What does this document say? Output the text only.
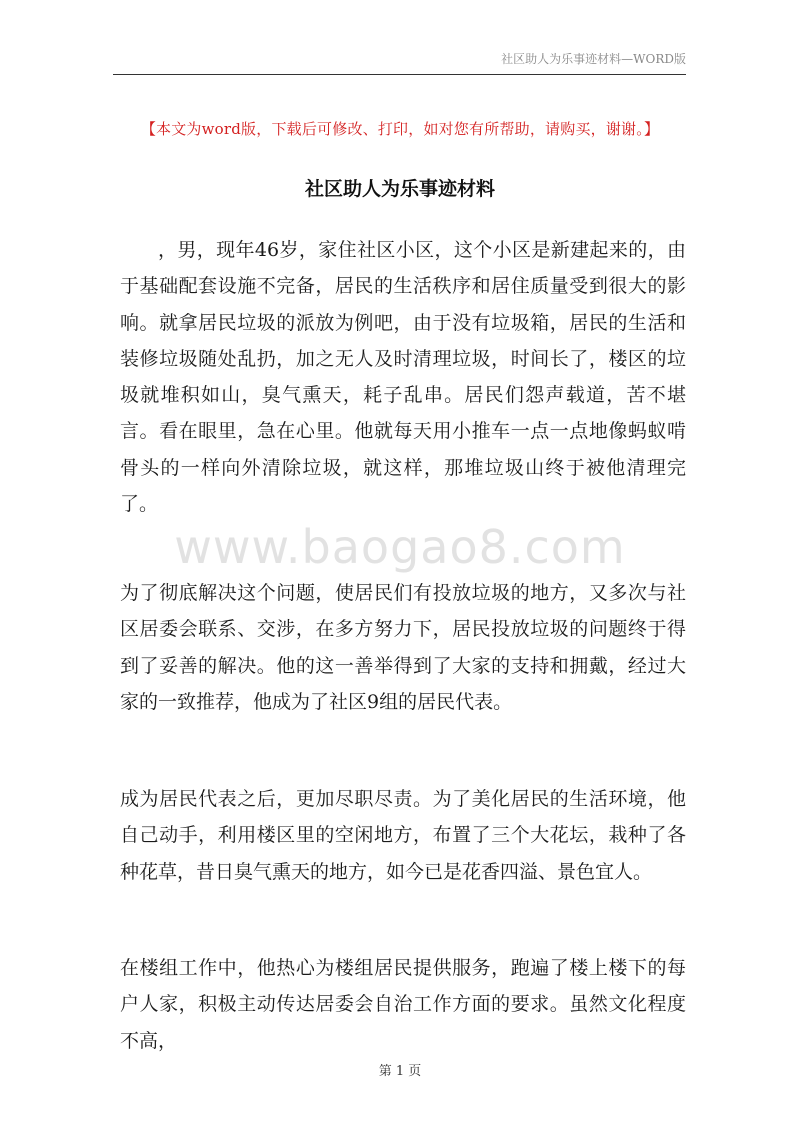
社区助人为乐事迹材料—WORD版
【本文为word版，下载后可修改、打印，如对您有所帮助，请购买，谢谢。】
社区助人为乐事迹材料
www.baogao8.com
，男，现年46岁，家住社区小区，这个小区是新建起来的，由于基础配套设施不完备，居民的生活秩序和居住质量受到很大的影响。就拿居民垃圾的派放为例吧，由于没有垃圾箱，居民的生活和装修垃圾随处乱扔，加之无人及时清理垃圾，时间长了，楼区的垃圾就堆积如山，臭气熏天，耗子乱串。居民们怨声载道，苦不堪言。看在眼里，急在心里。他就每天用小推车一点一点地像蚂蚁啃骨头的一样向外清除垃圾，就这样，那堆垃圾山终于被他清理完了。
为了彻底解决这个问题，使居民们有投放垃圾的地方，又多次与社区居委会联系、交涉，在多方努力下，居民投放垃圾的问题终于得到了妥善的解决。他的这一善举得到了大家的支持和拥戴，经过大家的一致推荐，他成为了社区9组的居民代表。
成为居民代表之后，更加尽职尽责。为了美化居民的生活环境，他自己动手，利用楼区里的空闲地方，布置了三个大花坛，栽种了各种花草，昔日臭气熏天的地方，如今已是花香四溢、景色宜人。
在楼组工作中，他热心为楼组居民提供服务，跑遍了楼上楼下的每户人家，积极主动传达居委会自治工作方面的要求。虽然文化程度不高，
第 1 页
